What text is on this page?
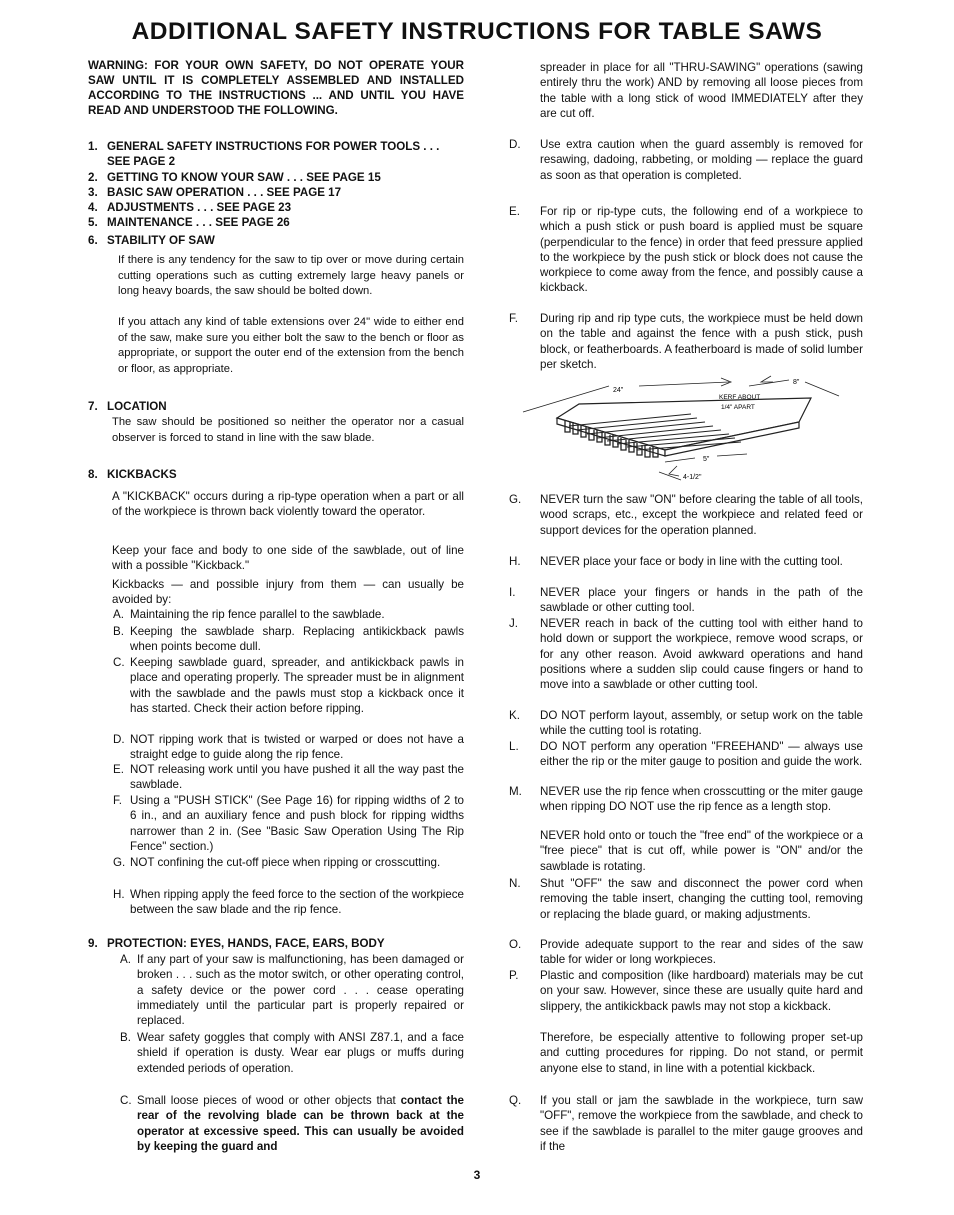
ADDITIONAL SAFETY INSTRUCTIONS FOR TABLE SAWS
WARNING: FOR YOUR OWN SAFETY, DO NOT OPERATE YOUR SAW UNTIL IT IS COMPLETELY ASSEMBLED AND INSTALLED ACCORDING TO THE INSTRUCTIONS ... AND UNTIL YOU HAVE READ AND UNDERSTOOD THE FOLLOWING.
1. GENERAL SAFETY INSTRUCTIONS FOR POWER TOOLS . . . SEE PAGE 2
2. GETTING TO KNOW YOUR SAW . . . SEE PAGE 15
3. BASIC SAW OPERATION . . . SEE PAGE 17
4. ADJUSTMENTS . . . SEE PAGE 23
5. MAINTENANCE . . . SEE PAGE 26
6. STABILITY OF SAW
If there is any tendency for the saw to tip over or move during certain cutting operations such as cutting extremely large heavy panels or long heavy boards, the saw should be bolted down.
If you attach any kind of table extensions over 24" wide to either end of the saw, make sure you either bolt the saw to the bench or floor as appropriate, or support the outer end of the extension from the bench or floor, as appropriate.
7. LOCATION
The saw should be positioned so neither the operator nor a casual observer is forced to stand in line with the saw blade.
8. KICKBACKS
A "KICKBACK" occurs during a rip-type operation when a part or all of the workpiece is thrown back violently toward the operator.
Keep your face and body to one side of the sawblade, out of line with a possible "Kickback."
Kickbacks — and possible injury from them — can usually be avoided by:
A. Maintaining the rip fence parallel to the sawblade.
B. Keeping the sawblade sharp. Replacing antikickback pawls when points become dull.
C. Keeping sawblade guard, spreader, and antikickback pawls in place and operating properly. The spreader must be in alignment with the sawblade and the pawls must stop a kickback once it has started. Check their action before ripping.
D. NOT ripping work that is twisted or warped or does not have a straight edge to guide along the rip fence.
E. NOT releasing work until you have pushed it all the way past the sawblade.
F. Using a "PUSH STICK" (See Page 16) for ripping widths of 2 to 6 in., and an auxiliary fence and push block for ripping widths narrower than 2 in. (See "Basic Saw Operation Using The Rip Fence" section.)
G. NOT confining the cut-off piece when ripping or crosscutting.
H. When ripping apply the feed force to the section of the workpiece between the saw blade and the rip fence.
9. PROTECTION: EYES, HANDS, FACE, EARS, BODY
A. If any part of your saw is malfunctioning, has been damaged or broken . . . such as the motor switch, or other operating control, a safety device or the power cord . . . cease operating immediately until the particular part is properly repaired or replaced.
B. Wear safety goggles that comply with ANSI Z87.1, and a face shield if operation is dusty. Wear ear plugs or muffs during extended periods of operation.
C. Small loose pieces of wood or other objects that contact the rear of the revolving blade can be thrown back at the operator at excessive speed. This can usually be avoided by keeping the guard and
spreader in place for all "THRU-SAWING" operations (sawing entirely thru the work) AND by removing all loose pieces from the table with a long stick of wood IMMEDIATELY after they are cut off.
D. Use extra caution when the guard assembly is removed for resawing, dadoing, rabbeting, or molding — replace the guard as soon as that operation is completed.
E. For rip or rip-type cuts, the following end of a workpiece to which a push stick or push board is applied must be square (perpendicular to the fence) in order that feed pressure applied to the workpiece by the push stick or block does not cause the workpiece to come away from the fence, and possibly cause a kickback.
F. During rip and rip type cuts, the workpiece must be held down on the table and against the fence with a push stick, push block, or featherboards. A featherboard is made of solid lumber per sketch.
24"
8"
KERF ABOUT
1/4" APART
5"
4-1/2"
G. NEVER turn the saw "ON" before clearing the table of all tools, wood scraps, etc., except the workpiece and related feed or support devices for the operation planned.
H. NEVER place your face or body in line with the cutting tool.
I. NEVER place your fingers or hands in the path of the sawblade or other cutting tool.
J. NEVER reach in back of the cutting tool with either hand to hold down or support the workpiece, remove wood scraps, or for any other reason. Avoid awkward operations and hand positions where a sudden slip could cause fingers or hand to move into a sawblade or other cutting tool.
K. DO NOT perform layout, assembly, or setup work on the table while the cutting tool is rotating.
L. DO NOT perform any operation "FREEHAND" — always use either the rip or the miter gauge to position and guide the work.
M. NEVER use the rip fence when crosscutting or the miter gauge when ripping DO NOT use the rip fence as a length stop.
NEVER hold onto or touch the "free end" of the workpiece or a "free piece" that is cut off, while power is "ON" and/or the sawblade is rotating.
N. Shut "OFF" the saw and disconnect the power cord when removing the table insert, changing the cutting tool, removing or replacing the blade guard, or making adjustments.
O. Provide adequate support to the rear and sides of the saw table for wider or long workpieces.
P. Plastic and composition (like hardboard) materials may be cut on your saw. However, since these are usually quite hard and slippery, the antikickback pawls may not stop a kickback.
Therefore, be especially attentive to following proper set-up and cutting procedures for ripping. Do not stand, or permit anyone else to stand, in line with a potential kickback.
Q. If you stall or jam the sawblade in the workpiece, turn saw "OFF", remove the workpiece from the sawblade, and check to see if the sawblade is parallel to the miter gauge grooves and if the
3
